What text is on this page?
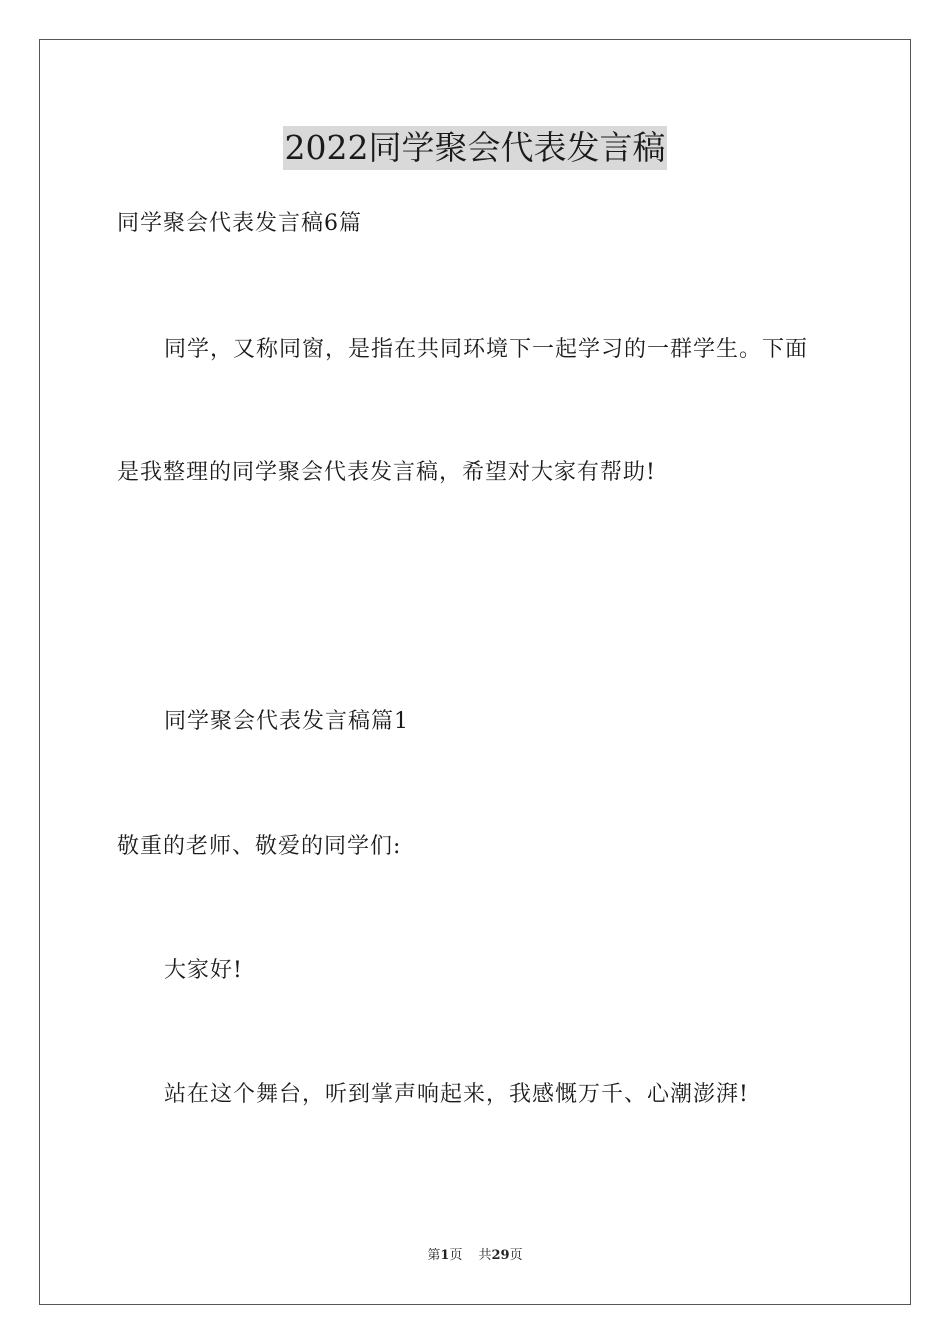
2022同学聚会代表发言稿
同学聚会代表发言稿6篇
同学，又称同窗，是指在共同环境下一起学习的一群学生。下面
是我整理的同学聚会代表发言稿，希望对大家有帮助!
同学聚会代表发言稿篇1
敬重的老师、敬爱的同学们:
大家好!
站在这个舞台，听到掌声响起来，我感慨万千、心潮澎湃!
第1页 共29页
